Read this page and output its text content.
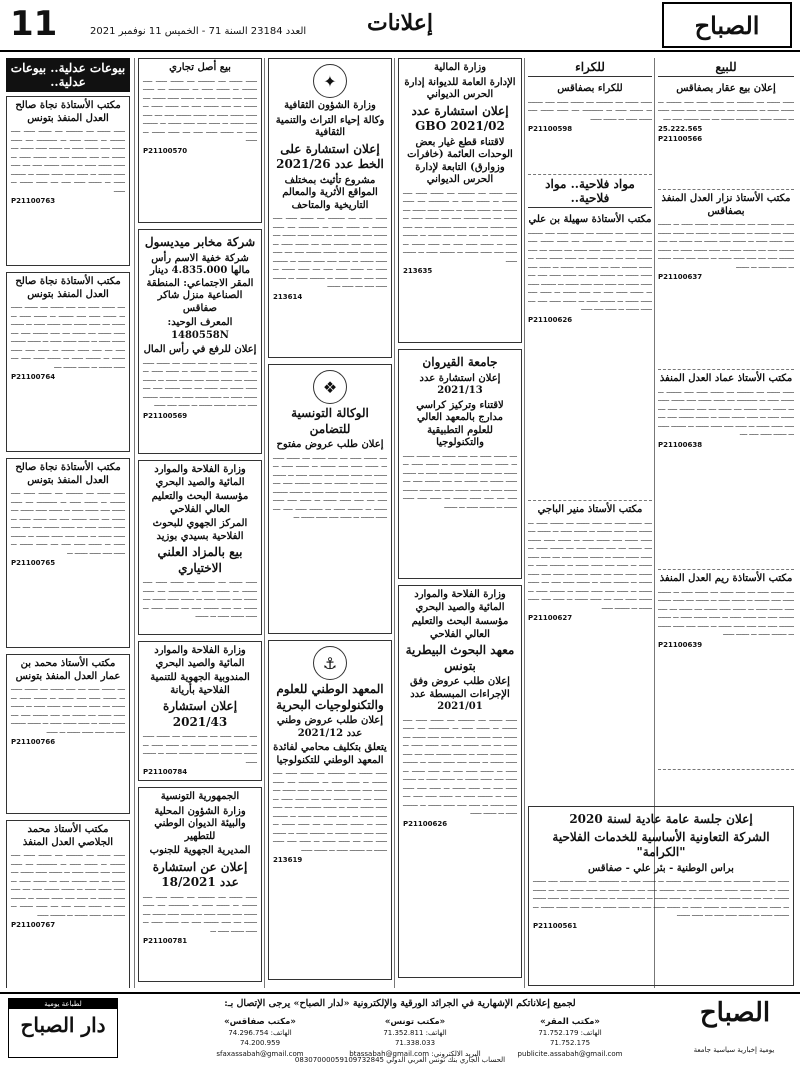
11	العدد 23184 السنة 71 - الخميس 11 نوفمبر 2021	إعلانات	الصباح
بيوعات عدلية.. بيوعات عدلية..
مكتب الأستاذة نجاة صالح العدل المنفذ بتونس
ــــــ ـــــــ ــــ ـــــــــ ــــ ـــــــ ــــــ ـــــ ــــــــ ـــ ـــــــ ــــــ ـــ ـــــــــــ ــــ ــــــ ـــــــ ـــــ ـــــــ ــــــ ـــ ـــــــ ــــــ ـــــــ ــــ ـــــــ ــــ ـــــ ــــــــ ـــــ ــــ ـــــــ ــــــ ـــ ــــــ ـــــــ ــــــ ـــ ـــــــ ــــــــ ـــــ ــــ ـــــ ــــــ ـــــــ ـــ ــــــ ـــــ ــــــ ـــــــ ـــ ــــــــ ــــــ ـــ ـــــــ ــــــ ـــــ ــــ ــــــ ـــــــ ـــ ــــــ
P21100763
مكتب الأستاذة نجاة صالح العدل المنفذ بتونس
ــــ ـــــــ ــــــ ــــ ـــــ ـــــــ ــــ ـــــــ ــــــ ـــ ـــــــ ــــــ ـــــ ــــــــ ـــ ـــــــ ــــــ ـــ ـــــــ ــــ ــــــ ـــــــ ـــــ ـــــــ ــــــ ـــ ـــــــ ــــــ ـــــــ ــــ ـــــــ ــــ ـــــ ــــــــ ـــــ ــــ ـــــــ ــــــ ـــ ــــــ ـــــــ ــــــ ـــ ـــــــ ــــــــ ـــــ ــــ ـــــ ــــــ ـــــــ ـــ ــــــ ـــــ ــــــ ـــــــ ـــ ــــــــ ــــــ ـــ ـــــــ ــــــ ـــــ ــــ ــــــ ـــــــ ـــ ــــــ ـــــــ ــــ
P21100764
مكتب الأستاذة نجاة صالح العدل المنفذ بتونس
ــــــ ـــــــ ــــ ـــــــــ ــــ ـــــــ ــــــ ـــــ ــــــــ ـــ ـــــــ ــــــ ـــ ـــــــــــ ــــ ــــــ ـــــــ ـــــ ـــــــ ــــــ ـــ ـــــــ ــــــ ـــــــ ــــ ـــــــ ــــ ـــــ ــــــــ ـــــ ــــ ـــــــ ــــــ ـــ ــــــ ـــــــ ــــــ ـــ ـــــــ ــــــــ ـــــ ــــ ـــــ ــــــ ـــــــ ـــ ــــــ ـــــ ــــــ ـــــــ ـــ ــــــــ ــــــ ـــ ـــــــ ــــــ ـــــ ــــ ــــــ ـــــــ ـــ ــــــ ـــــ ــــــ ـــــــ ـــ
P21100765
مكتب الأستاذ محمد بن عمار العدل المنفذ بتونس
ــــ ـــــــ ــــــ ــــ ـــــ ـــــــ ــــ ـــــــ ــــــ ـــ ـــــــ ــــــ ـــــ ــــــــ ـــ ـــــــ ــــــ ـــ ـــــــ ــــ ــــــ ـــــــ ـــــ ـــــــ ــــــ ـــ ـــــــ ــــــ ـــــــ ــــ ـــــــ ــــ ـــــ ــــــــ ـــــ ــــ ـــــــ ــــــ ـــ ــــــ ـــــــ ــــــ ـــ ـــــــ ــــــــ ـــــ ــــ ـــــ ــــــ ـــــــ ـــ ــــــ
P21100766
مكتب الأستاذ محمد الجلاصي العدل المنفذ
ــــــ ـــــــ ــــ ـــــــــ ــــ ـــــــ ــــــ ـــــ ــــــــ ـــ ـــــــ ــــــ ـــ ـــــــــــ ــــ ــــــ ـــــــ ـــــ ـــــــ ــــــ ـــ ـــــــ ــــــ ـــــــ ــــ ـــــــ ــــ ـــــ ــــــــ ـــــ ــــ ـــــــ ــــــ ـــ ــــــ ـــــــ ــــــ ـــ ـــــــ ــــــــ ـــــ ــــ ـــــ ــــــ ـــــــ ـــ ــــــ ـــــ ــــــ ـــــــ ـــ ــــــــ ــــــ ـــ ـــــــ ــــــ ـــــ ــــ ــــــ ـــــــ ـــ ــــــ ـــــ ــــــ ـــــــ ـــ ــــــــ ــــــ
P21100767
بيع أصل تجاري
ــــــ ـــــــ ــــ ـــــــــ ــــ ـــــــ ــــــ ـــــ ــــــــ ـــ ـــــــ ــــــ ـــ ـــــــــــ ــــ ــــــ ـــــــ ـــــ ـــــــ ــــــ ـــ ـــــــ ــــــ ـــــــ ــــ ـــــــ ــــ ـــــ ــــــــ ـــــ ــــ ـــــــ ــــــ ـــ ــــــ ـــــــ ــــــ ـــ ـــــــ ــــــــ ـــــ ــــ ـــــ ــــــ ـــــــ ـــ ــــــ ـــــ ــــــ ـــــــ ـــ ــــــــ ــــــ ـــ ـــــــ ــــــ ـــــ ــــ ــــــ ـــــــ ـــ ــــــ
P21100570
شركة مخابر ميديسول
شركة خفية الاسم رأس مالها 4.835.000 دينار المقر الاجتماعي: المنطقة الصناعية منزل شاكر صفاقس
المعرف الوحيد: 1480558N
إعلان للرفع في رأس المال
ــــ ـــــــ ــــــ ــــ ـــــ ـــــــ ــــ ـــــــ ــــــ ـــ ـــــــ ــــــ ـــــ ــــــــ ـــ ـــــــ ــــــ ـــ ـــــــ ــــ ــــــ ـــــــ ـــــ ـــــــ ــــــ ـــ ـــــــ ــــــ ـــــــ ــــ ـــــــ ــــ ـــــ ــــــــ ـــــ ــــ ـــــــ ــــــ ـــ ــــــ ـــــــ ــــــ ـــ ـــــــ ــــــــ ـــــ ــــ ـــــ ــــــ ـــــــ ـــ ــــــ ـــــ ــــــ
P21100569
وزارة الفلاحة والموارد المائية والصيد البحري
مؤسسة البحث والتعليم العالي الفلاحي
المركز الجهوي للبحوث الفلاحية بسيدي بوزيد
بيع بالمزاد العلني الاختياري
ــــــ ـــــــ ــــ ـــــــــ ــــ ـــــــ ــــــ ـــــ ــــــــ ـــ ـــــــ ــــــ ـــ ـــــــــــ ــــ ــــــ ـــــــ ـــــ ـــــــ ــــــ ـــ ـــــــ ــــــ ـــــــ ــــ ـــــــ ــــ ـــــ ــــــــ ـــــ ــــ ـــــــ ــــــ ـــ ــــــ ـــــــ ــــــ ـــ ـــــــ
وزارة الفلاحة والموارد المائية والصيد البحري
المندوبية الجهوية للتنمية الفلاحية بأريانة
إعلان استشارة 2021/43
ــــ ـــــــ ــــــ ــــ ـــــ ـــــــ ــــ ـــــــ ــــــ ـــ ـــــــ ــــــ ـــــ ــــــــ ـــ ـــــــ ــــــ ـــ ـــــــ ــــ ــــــ ـــــــ ـــــ ـــــــ ــــــ ـــ ـــــــ ــــــ
P21100784
الجمهورية التونسية
وزارة الشؤون المحلية والبيئة الديوان الوطني للتطهير
المديرية الجهوية للجنوب
إعلان عن استشارة عدد 18/2021
ــــــ ـــــــ ــــ ـــــــــ ــــ ـــــــ ــــــ ـــــ ــــــــ ـــ ـــــــ ــــــ ـــ ـــــــــــ ــــ ــــــ ـــــــ ـــــ ـــــــ ــــــ ـــ ـــــــ ــــــ ـــــــ ــــ ـــــــ ــــ ـــــ ــــــــ ـــــ ــــ ـــــــ ــــــ ـــ ــــــ ـــــــ ــــــ ـــ
P21100781
✦
وزارة الشؤون الثقافية
وكالة إحياء التراث والتنمية الثقافية
إعلان استشارة على الخط عدد 2021/26
مشروع تأثيث بمختلف المواقع الأثرية والمعالم التاريخية والمتاحف
ــــــ ـــــــ ــــ ـــــــــ ــــ ـــــــ ــــــ ـــــ ــــــــ ـــ ـــــــ ــــــ ـــ ـــــــــــ ــــ ــــــ ـــــــ ـــــ ـــــــ ــــــ ـــ ـــــــ ــــــ ـــــــ ــــ ـــــــ ــــ ـــــ ــــــــ ـــــ ــــ ـــــــ ــــــ ـــ ــــــ ـــــــ ــــــ ـــ ـــــــ ــــــــ ـــــ ــــ ـــــ ــــــ ـــــــ ـــ ــــــ ـــــ ــــــ ـــــــ ـــ ــــــــ ــــــ ـــ ـــــــ ــــــ ـــــ ــــ ــــــ ـــــــ ـــ ــــــ ـــــ ــــــ ـــــــ ـــ ــــــــ ــــــ ـــ ـــــــ ــــــ ـــــ ــــ ــــــ ـــــــ
213614
❖
الوكالة التونسية للتضامن
إعلان طلب عروض مفتوح
ــــ ـــــــ ــــــ ــــ ـــــ ـــــــ ــــ ـــــــ ــــــ ـــ ـــــــ ــــــ ـــــ ــــــــ ـــ ـــــــ ــــــ ـــ ـــــــ ــــ ــــــ ـــــــ ـــــ ـــــــ ــــــ ـــ ـــــــ ــــــ ـــــــ ــــ ـــــــ ــــ ـــــ ــــــــ ـــــ ــــ ـــــــ ــــــ ـــ ــــــ ـــــــ ــــــ ـــ ـــــــ ــــــــ ـــــ ــــ ـــــ ــــــ ـــــــ ـــ ــــــ ـــــ ــــــ ـــــــ ـــ ــــــــ ــــــ ـــ ـــــــ ــــــ ـــــ ــــ ــــــ ـــــــ ـــ ــــــ ـــــ ــــــ ـــــــ ـــ
⚓
المعهد الوطني للعلوم والتكنولوجيات البحرية
إعلان طلب عروض وطني عدد 2021/12
يتعلق بتكليف محامي لفائدة المعهد الوطني للتكنولوجيا
ــــــ ـــــــ ــــ ـــــــــ ــــ ـــــــ ــــــ ـــــ ــــــــ ـــ ـــــــ ــــــ ـــ ـــــــــــ ــــ ــــــ ـــــــ ـــــ ـــــــ ــــــ ـــ ـــــــ ــــــ ـــــــ ــــ ـــــــ ــــ ـــــ ــــــــ ـــــ ــــ ـــــــ ــــــ ـــ ــــــ ـــــــ ــــــ ـــ ـــــــ ــــــــ ـــــ ــــ ـــــ ــــــ ـــــــ ـــ ــــــ ـــــ ــــــ ـــــــ ـــ ــــــــ ــــــ ـــ ـــــــ ــــــ ـــــ ــــ ــــــ ـــــــ ـــ ــــــ ـــــ ــــــ ـــــــ ـــ ــــــــ ــــــ ـــ ـــــــ ــــــ ـــــ ــــ ــــــ ـــــــ ـــ ــــــ ـــــ ــــــ ـــــــ ـــ ــــــــ ــــــ ـــ ـــــــ ــــــ
213619
وزارة المالية
الإدارة العامة للديوانة إدارة الحرس الديواني
إعلان استشارة عدد 2021/02 GBO
لاقتناء قطع غيار بعض الوحدات العائمة (خافرات وزوارق) التابعة لإدارة الحرس الديواني
ــــــ ـــــــ ــــ ـــــــــ ــــ ـــــــ ــــــ ـــــ ــــــــ ـــ ـــــــ ــــــ ـــ ـــــــــــ ــــ ــــــ ـــــــ ـــــ ـــــــ ــــــ ـــ ـــــــ ــــــ ـــــــ ــــ ـــــــ ــــ ـــــ ــــــــ ـــــ ــــ ـــــــ ــــــ ـــ ــــــ ـــــــ ــــــ ـــ ـــــــ ــــــــ ـــــ ــــ ـــــ ــــــ ـــــــ ـــ ــــــ ـــــ ــــــ ـــــــ ـــ ــــــــ ــــــ ـــ ـــــــ ــــــ ـــــ ــــ ــــــ ـــــــ ـــ ــــــ ـــــ ــــــ ـــــــ ـــ ــــــــ ــــــ ـــ ـــــــ ــــــ
213635
جامعة القيروان
إعلان استشارة عدد 2021/13
لاقتناء وتركيز كراسي مدارج بالمعهد العالي للعلوم التطبيقية والتكنولوجيا
ــــ ـــــــ ــــــ ــــ ـــــ ـــــــ ــــ ـــــــ ــــــ ـــ ـــــــ ــــــ ـــــ ــــــــ ـــ ـــــــ ــــــ ـــ ـــــــ ــــ ــــــ ـــــــ ـــــ ـــــــ ــــــ ـــ ـــــــ ــــــ ـــــــ ــــ ـــــــ ــــ ـــــ ــــــــ ـــــ ــــ ـــــــ ــــــ ـــ ــــــ ـــــــ ــــــ ـــ ـــــــ ــــــــ ـــــ ــــ ـــــ ــــــ ـــــــ ـــ ــــــ ـــــ ــــــ ـــــــ ـــ ــــــــ ــــــ ـــ ـــــــ
وزارة الفلاحة والموارد المائية والصيد البحري
مؤسسة البحث والتعليم العالي الفلاحي
معهد البحوث البيطرية بتونس
إعلان طلب عروض وفق الإجراءات المبسطة عدد 2021/01
ــــــ ـــــــ ــــ ـــــــــ ــــ ـــــــ ــــــ ـــــ ــــــــ ـــ ـــــــ ــــــ ـــ ـــــــــــ ــــ ــــــ ـــــــ ـــــ ـــــــ ــــــ ـــ ـــــــ ــــــ ـــــــ ــــ ـــــــ ــــ ـــــ ــــــــ ـــــ ــــ ـــــــ ــــــ ـــ ــــــ ـــــــ ــــــ ـــ ـــــــ ــــــــ ـــــ ــــ ـــــ ــــــ ـــــــ ـــ ــــــ ـــــ ــــــ ـــــــ ـــ ــــــــ ــــــ ـــ ـــــــ ــــــ ـــــ ــــ ــــــ ـــــــ ـــ ــــــ ـــــ ــــــ ـــــــ ـــ ــــــــ ــــــ ـــ ـــــــ ــــــ ـــــ ــــ ــــــ ـــــــ ـــ ــــــ ـــــ ــــــ ـــــــ ـــ ــــــــ ــــــ ـــ ـــــــ ــــــ ـــــ ــــ ــــــ ـــــــ ـــ ــــــ ـــــ ــــــ ـــــــ ـــ ــــــــ ــــــ ـــ ـــــــ ــــــ
P21100626
للكراء
للكراء بصفاقس
ــــــ ـــــــ ــــ ـــــــــ ــــ ـــــــ ــــــ ـــــ ــــــــ ـــ ـــــــ ــــــ ـــ ـــــــــــ ــــ ــــــ ـــــــ ـــــ ـــــــ ــــــ ـــ ـــــــ ــــــ
P21100598
مواد فلاحية.. مواد فلاحية..
مكتب الأستاذة سهيلة بن علي
ــــــ ـــــــ ــــ ـــــــــ ــــ ـــــــ ــــــ ـــــ ــــــــ ـــ ـــــــ ــــــ ـــ ـــــــــــ ــــ ــــــ ـــــــ ـــــ ـــــــ ــــــ ـــ ـــــــ ــــــ ـــــــ ــــ ـــــــ ــــ ـــــ ــــــــ ـــــ ــــ ـــــــ ــــــ ـــ ــــــ ـــــــ ــــــ ـــ ـــــــ ــــــــ ـــــ ــــ ـــــ ــــــ ـــــــ ـــ ــــــ ـــــ ــــــ ـــــــ ـــ ــــــــ ــــــ ـــ ـــــــ ــــــ ـــــ ــــ ــــــ ـــــــ ـــ ــــــ ـــــ ــــــ ـــــــ ـــ ــــــــ ــــــ ـــ ـــــــ ــــــ ـــــ ــــ ــــــ ـــــــ ـــ ــــــ ـــــ ــــــ ـــــــ ـــ ــــــــ ــــــ ـــ ـــــــ ــــــ ـــــ ــــ ــــــ ـــــــ ـــ ــــــ ـــــ ــــــ
P21100626
مكتب الأستاذ منير الباجي
ــــ ـــــــ ــــــ ــــ ـــــ ـــــــ ــــ ـــــــ ــــــ ـــ ـــــــ ــــــ ـــــ ــــــــ ـــ ـــــــ ــــــ ـــ ـــــــ ــــ ــــــ ـــــــ ـــــ ـــــــ ــــــ ـــ ـــــــ ــــــ ـــــــ ــــ ـــــــ ــــ ـــــ ــــــــ ـــــ ــــ ـــــــ ــــــ ـــ ــــــ ـــــــ ــــــ ـــ ـــــــ ــــــــ ـــــ ــــ ـــــ ــــــ ـــــــ ـــ ــــــ ـــــ ــــــ ـــــــ ـــ ــــــــ ــــــ ـــ ـــــــ ــــــ ـــــ ــــ ــــــ ـــــــ ـــ ــــــ ـــــ ــــــ ـــــــ ـــ ــــــــ ــــــ ـــ ـــــــ ــــــ ـــــ ــــ ــــــ ـــــــ ـــ ــــــ ـــــ ــــــ ـــــــ ـــ ــــــــ ــــــ ـــ ـــــــ ــــــ ـــــ ــــ ــــــ ـــــــ ـــ ــــــ ـــــ ــــــ ـــــــ ـــ ــــــــ ــــــ
P21100627
للبيع
إعلان بيع عقار بصفاقس
ــــــ ـــــــ ــــ ـــــــــ ــــ ـــــــ ــــــ ـــــ ــــــــ ـــ ـــــــ ــــــ ـــ ـــــــــــ ــــ ــــــ ـــــــ ـــــ ـــــــ ــــــ ـــ ـــــــ ــــــ ـــــــ ــــ ـــــــ ــــ ـــــ ــــــــ ـــــ ــــ
25.222.565
P21100566
مكتب الأستاذ نزار العدل المنفذ بصفاقس
ــــ ـــــــ ــــــ ــــ ـــــ ـــــــ ــــ ـــــــ ــــــ ـــ ـــــــ ــــــ ـــــ ــــــــ ـــ ـــــــ ــــــ ـــ ـــــــ ــــ ــــــ ـــــــ ـــــ ـــــــ ــــــ ـــ ـــــــ ــــــ ـــــــ ــــ ـــــــ ــــ ـــــ ــــــــ ـــــ ــــ ـــــــ ــــــ ـــ ــــــ ـــــــ ــــــ ـــ ـــــــ ــــــــ ـــــ ــــ ـــــ ــــــ ـــــــ ـــ ــــــ ـــــ ــــــ ـــــــ ـــ ــــــــ ــــــ ـــ ـــــــ
P21100637
مكتب الأستاذ عماد العدل المنفذ
ــــــ ـــــــ ــــ ـــــــــ ــــ ـــــــ ــــــ ـــــ ــــــــ ـــ ـــــــ ــــــ ـــ ـــــــــــ ــــ ــــــ ـــــــ ـــــ ـــــــ ــــــ ـــ ـــــــ ــــــ ـــــــ ــــ ـــــــ ــــ ـــــ ــــــــ ـــــ ــــ ـــــــ ــــــ ـــ ــــــ ـــــــ ــــــ ـــ ـــــــ ــــــــ ـــــ ــــ ـــــ ــــــ ـــــــ ـــ ــــــ ـــــ ــــــ ـــــــ ـــ ــــــــ ــــــ ـــ ـــــــ ــــــ ـــــ ــــ
P21100638
مكتب الأستاذة ريم العدل المنفذ
ــــ ـــــــ ــــــ ــــ ـــــ ـــــــ ــــ ـــــــ ــــــ ـــ ـــــــ ــــــ ـــــ ــــــــ ـــ ـــــــ ــــــ ـــ ـــــــ ــــ ــــــ ـــــــ ـــــ ـــــــ ــــــ ـــ ـــــــ ــــــ ـــــــ ــــ ـــــــ ــــ ـــــ ــــــــ ـــــ ــــ ـــــــ ــــــ ـــ ــــــ ـــــــ ــــــ ـــ ـــــــ ــــــــ ـــــ ــــ ـــــ ــــــ ـــــــ ـــ ــــــ ـــــ ــــــ ـــــــ ـــ ــــــــ ــــــ ـــ ـــــــ ــــــ
P21100639
إعلان جلسة عامة عادية لسنة 2020
الشركة التعاونية الأساسية للخدمات الفلاحية "الكرامة"
براس الوطنية - بئر علي - صفاقس
ــــــ ـــــــ ــــ ـــــــــ ــــ ـــــــ ــــــ ـــــ ــــــــ ـــ ـــــــ ــــــ ـــ ـــــــــــ ــــ ــــــ ـــــــ ـــــ ـــــــ ــــــ ـــ ـــــــ ــــــ ـــــــ ــــ ـــــــ ــــ ـــــ ــــــــ ـــــ ــــ ـــــــ ــــــ ـــ ــــــ ـــــــ ــــــ ـــ ـــــــ ــــــــ ـــــ ــــ ـــــ ــــــ ـــــــ ـــ ــــــ ـــــ ــــــ ـــــــ ـــ ــــــــ ــــــ ـــ ـــــــ ــــــ ـــــ ــــ ــــــ ـــــــ ـــ ــــــ ـــــ ــــــ ـــــــ ـــ ــــــــ ــــــ ـــ ـــــــ ــــــ ـــــ ــــ ــــــ ـــــــ ـــ ــــــ ـــــ ــــــ ـــــــ ـــ ــــــــ ــــــ ـــ ـــــــ ــــــ ـــــ ــــ ــــــ ـــــــ
P21100561
لجميع إعلاناتكم الإشهارية في الجرائد الورقية والإلكترونية «لدار الصباح» يرجى الإتصال بـ:	الصباح
يومية إخبارية سياسية جامعة
«مكتب المقر»
الهاتف: 71.752.179
71.752.175
publicite.assabah@gmail.com
«مكتب تونس»
الهاتف: 71.352.811
71.338.033
البريد الالكتروني: btassabah@gmail.com
«مكتب صفاقس»
الهاتف: 74.296.754
74.200.959
sfaxassabah@gmail.com
لطباعة يومية
دار الصباح
الحساب الجاري بنك تونس العربي الدولي 08307000059109732845
